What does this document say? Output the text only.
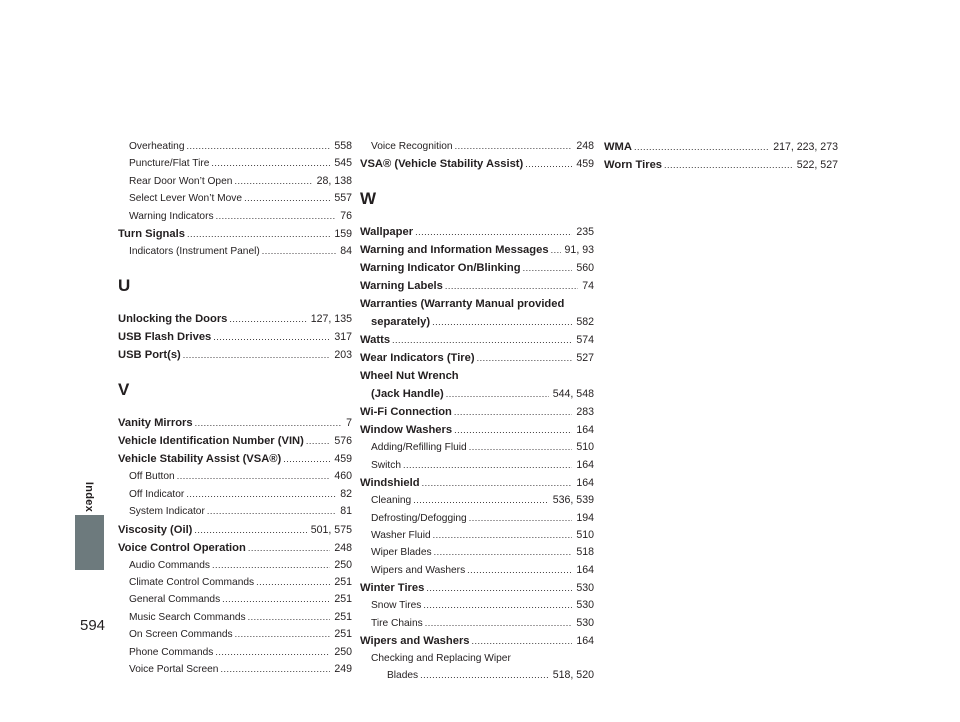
Index
Overheating .....	558
Puncture/Flat Tire .....	545
Rear Door Won’t Open .....	28, 138
Select Lever Won’t Move .....	557
Warning Indicators .....	76
Turn Signals .....	159
Indicators (Instrument Panel) .....	84
U
Unlocking the Doors .....	127, 135
USB Flash Drives .....	317
USB Port(s) .....	203
V
Vanity Mirrors .....	7
Vehicle Identification Number (VIN) .....	576
Vehicle Stability Assist (VSA®) .....	459
Off Button .....	460
Off Indicator .....	82
System Indicator .....	81
Viscosity (Oil) .....	501, 575
Voice Control Operation .....	248
Audio Commands .....	250
Climate Control Commands .....	251
General Commands .....	251
Music Search Commands .....	251
On Screen Commands .....	251
Phone Commands .....	250
Voice Portal Screen .....	249
Voice Recognition .....	248
VSA® (Vehicle Stability Assist) .....	459
W
Wallpaper .....	235
Warning and Information Messages ..... 91, 93
Warning Indicator On/Blinking .....	560
Warning Labels .....	74
Warranties (Warranty Manual provided
separately) .....	582
Watts .....	574
Wear Indicators (Tire) .....	527
Wheel Nut Wrench
(Jack Handle) .....	544, 548
Wi-Fi Connection .....	283
Window Washers .....	164
Adding/Refilling Fluid .....	510
Switch .....	164
Windshield .....	164
Cleaning .....	536, 539
Defrosting/Defogging .....	194
Washer Fluid .....	510
Wiper Blades .....	518
Wipers and Washers .....	164
Winter Tires .....	530
Snow Tires .....	530
Tire Chains .....	530
Wipers and Washers .....	164
Checking and Replacing Wiper
Blades .....	518, 520
WMA .....	217, 223, 273
Worn Tires .....	522, 527
594
